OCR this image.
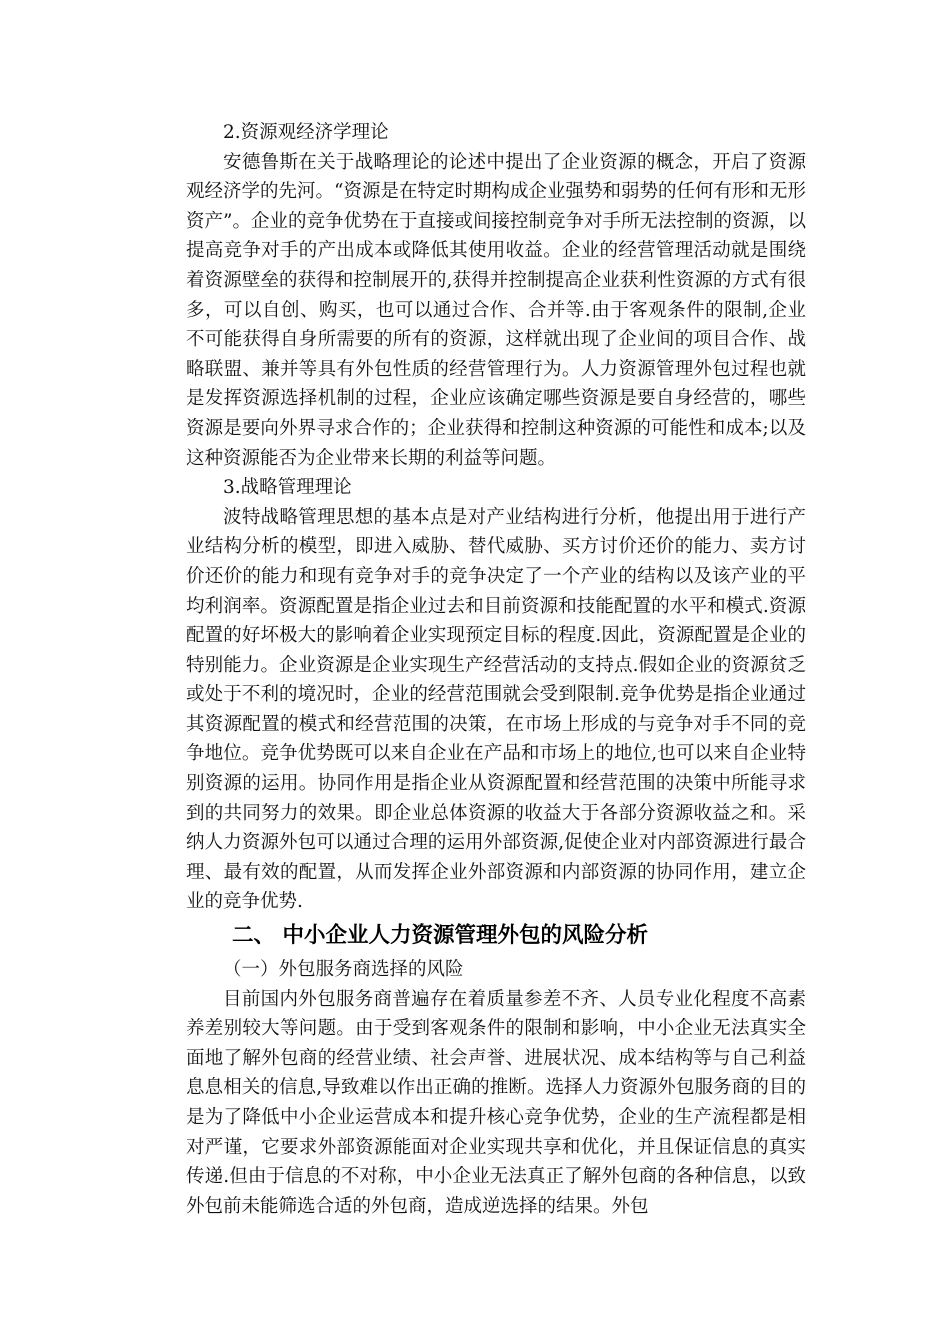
2.资源观经济学理论

安德鲁斯在关于战略理论的论述中提出了企业资源的概念，开启了资源观经济学的先河。“资源是在特定时期构成企业强势和弱势的任何有形和无形资产”。企业的竞争优势在于直接或间接控制竞争对手所无法控制的资源，以提高竞争对手的产出成本或降低其使用收益。企业的经营管理活动就是围绕着资源壁垒的获得和控制展开的,获得并控制提高企业获利性资源的方式有很多，可以自创、购买，也可以通过合作、合并等.由于客观条件的限制,企业不可能获得自身所需要的所有的资源，这样就出现了企业间的项目合作、战略联盟、兼并等具有外包性质的经营管理行为。人力资源管理外包过程也就是发挥资源选择机制的过程，企业应该确定哪些资源是要自身经营的，哪些资源是要向外界寻求合作的；企业获得和控制这种资源的可能性和成本;以及这种资源能否为企业带来长期的利益等问题。

3.战略管理理论

波特战略管理思想的基本点是对产业结构进行分析，他提出用于进行产业结构分析的模型，即进入威胁、替代威胁、买方讨价还价的能力、卖方讨价还价的能力和现有竞争对手的竞争决定了一个产业的结构以及该产业的平均利润率。资源配置是指企业过去和目前资源和技能配置的水平和模式.资源配置的好坏极大的影响着企业实现预定目标的程度.因此，资源配置是企业的特别能力。企业资源是企业实现生产经营活动的支持点.假如企业的资源贫乏或处于不利的境况时，企业的经营范围就会受到限制.竞争优势是指企业通过其资源配置的模式和经营范围的决策，在市场上形成的与竞争对手不同的竞争地位。竞争优势既可以来自企业在产品和市场上的地位,也可以来自企业特别资源的运用。协同作用是指企业从资源配置和经营范围的决策中所能寻求到的共同努力的效果。即企业总体资源的收益大于各部分资源收益之和。采纳人力资源外包可以通过合理的运用外部资源,促使企业对内部资源进行最合理、最有效的配置，从而发挥企业外部资源和内部资源的协同作用，建立企业的竞争优势.

二、 中小企业人力资源管理外包的风险分析

（一）外包服务商选择的风险

目前国内外包服务商普遍存在着质量参差不齐、人员专业化程度不高素养差别较大等问题。由于受到客观条件的限制和影响，中小企业无法真实全面地了解外包商的经营业绩、社会声誉、进展状况、成本结构等与自己利益息息相关的信息,导致难以作出正确的推断。选择人力资源外包服务商的目的是为了降低中小企业运营成本和提升核心竞争优势，企业的生产流程都是相对严谨，它要求外部资源能面对企业实现共享和优化，并且保证信息的真实传递.但由于信息的不对称，中小企业无法真正了解外包商的各种信息，以致外包前未能筛选合适的外包商，造成逆选择的结果。外包
